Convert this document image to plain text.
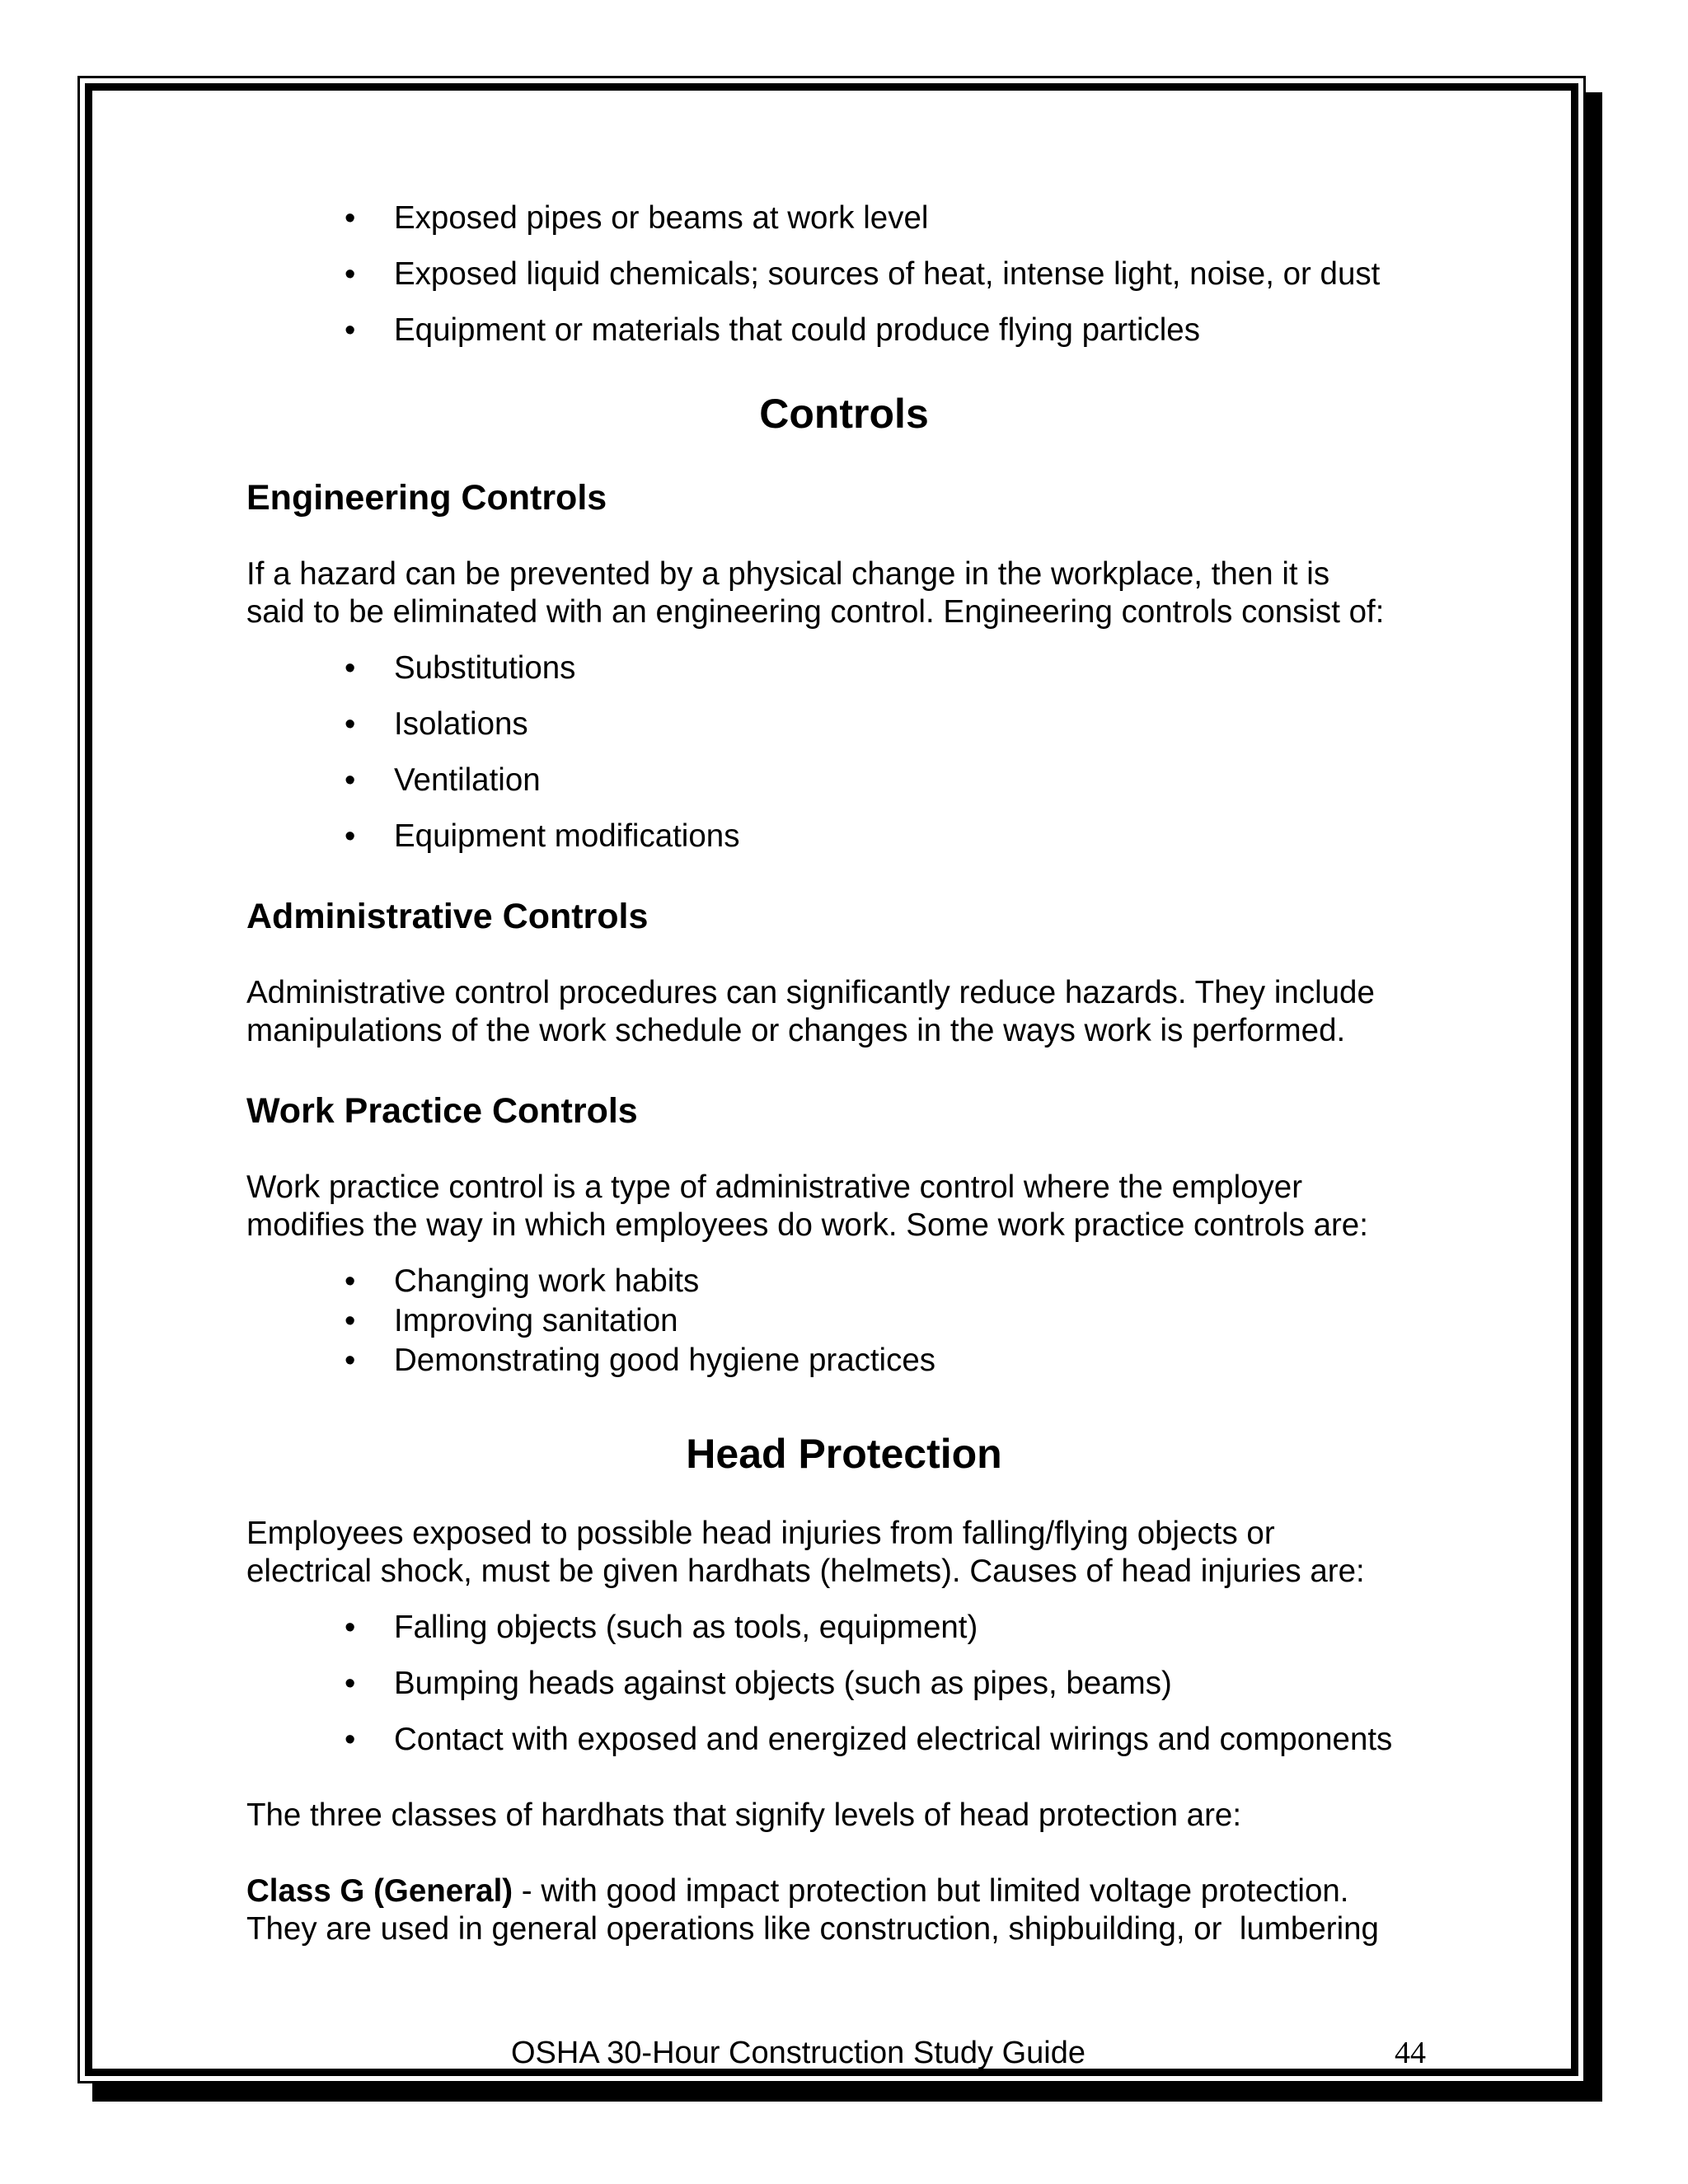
• Exposed pipes or beams at work level
• Exposed liquid chemicals; sources of heat, intense light, noise, or dust
• Equipment or materials that could produce flying particles
Controls
Engineering Controls

If a hazard can be prevented by a physical change in the workplace, then it is

said to be eliminated with an engineering control. Engineering controls consist of:

• Substitutions
• Isolations
• Ventilation
• Equipment modifications
Administrative Controls

Administrative control procedures can significantly reduce hazards. They include

manipulations of the work schedule or changes in the ways work is performed.

Work Practice Controls

Work practice control is a type of administrative control where the employer

modifies the way in which employees do work. Some work practice controls are:

• Changing work habits
• Improving sanitation
• Demonstrating good hygiene practices
Head Protection

Employees exposed to possible head injuries from falling/flying objects or

electrical shock, must be given hardhats (helmets). Causes of head injuries are:

• Falling objects (such as tools, equipment)
• Bumping heads against objects (such as pipes, beams)
• Contact with exposed and energized electrical wirings and components

The three classes of hardhats that signify levels of head protection are:

Class G (General) - with good impact protection but limited voltage protection.

They are used in general operations like construction, shipbuilding, or  lumbering

OSHA 30-Hour Construction Study Guide	44
